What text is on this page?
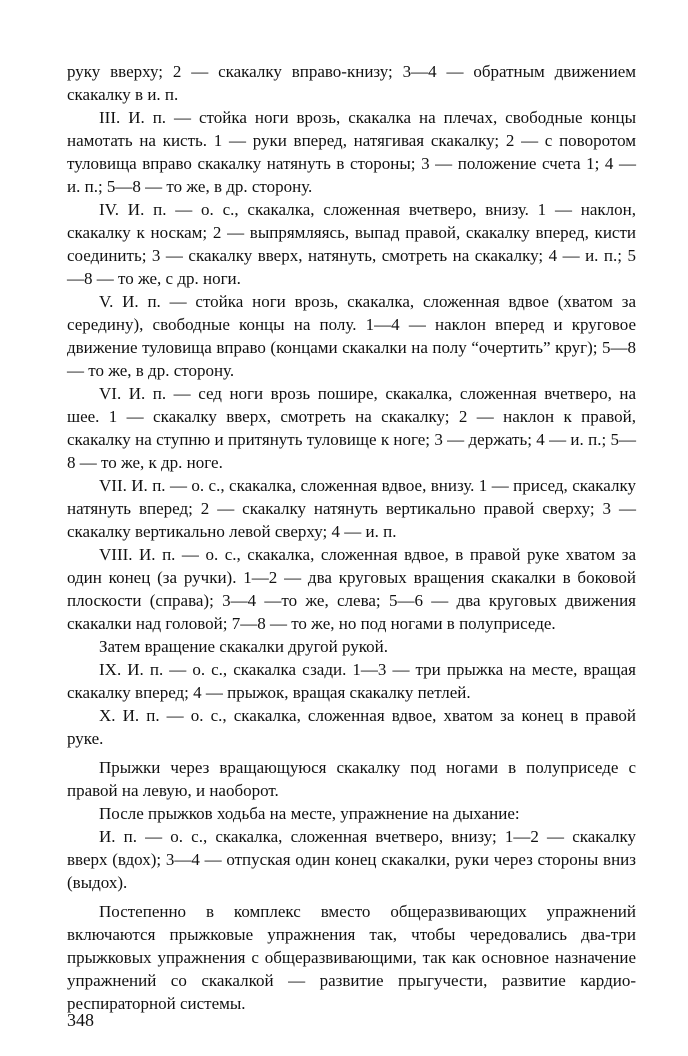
руку вверху; 2 — скакалку вправо-книзу; 3—4 — обратным движением скакалку в и. п.

III. И. п. — стойка ноги врозь, скакалка на плечах, свободные концы намотать на кисть. 1 — руки вперед, натягивая скакалку; 2 — с поворотом туловища вправо скакалку натянуть в стороны; 3 — положение счета 1; 4 — и. п.; 5—8 — то же, в др. сторону.

IV. И. п. — о. с., скакалка, сложенная вчетверо, внизу. 1 — наклон, скакалку к носкам; 2 — выпрямляясь, выпад правой, скакалку вперед, кисти соединить; 3 — скакалку вверх, натянуть, смотреть на скакалку; 4 — и. п.; 5—8 — то же, с др. ноги.

V. И. п. — стойка ноги врозь, скакалка, сложенная вдвое (хватом за середину), свободные концы на полу. 1—4 — наклон вперед и круговое движение туловища вправо (концами скакалки на полу “очертить” круг); 5—8 — то же, в др. сторону.

VI. И. п. — сед ноги врозь пошире, скакалка, сложенная вчетверо, на шее. 1 — скакалку вверх, смотреть на скакалку; 2 — наклон к правой, скакалку на ступню и притянуть туловище к ноге; 3 — держать; 4 — и. п.; 5—8 — то же, к др. ноге.

VII. И. п. — о. с., скакалка, сложенная вдвое, внизу. 1 — присед, скакалку натянуть вперед; 2 — скакалку натянуть вертикально правой сверху; 3 — скакалку вертикально левой сверху; 4 — и. п.

VIII. И. п. — о. с., скакалка, сложенная вдвое, в правой руке хватом за один конец (за ручки). 1—2 — два круговых вращения скакалки в боковой плоскости (справа); 3—4 —то же, слева; 5—6 — два круговых движения скакалки над головой; 7—8 — то же, но под ногами в полуприседе.

Затем вращение скакалки другой рукой.

IX. И. п. — о. с., скакалка сзади. 1—3 — три прыжка на месте, вращая скакалку вперед; 4 — прыжок, вращая скакалку петлей.

X. И. п. — о. с., скакалка, сложенная вдвое, хватом за конец в правой руке.

Прыжки через вращающуюся скакалку под ногами в полуприседе с правой на левую, и наоборот.

После прыжков ходьба на месте, упражнение на дыхание:

И. п. — о. с., скакалка, сложенная вчетверо, внизу; 1—2 — скакалку вверх (вдох); 3—4 — отпуская один конец скакалки, руки через стороны вниз (выдох).

Постепенно в комплекс вместо общеразвивающих упражнений включаются прыжковые упражнения так, чтобы чередовались два-три прыжковых упражнения с общеразвивающими, так как основное назначение упражнений со скакалкой — развитие прыгучести, развитие кардио-респираторной системы.

348
